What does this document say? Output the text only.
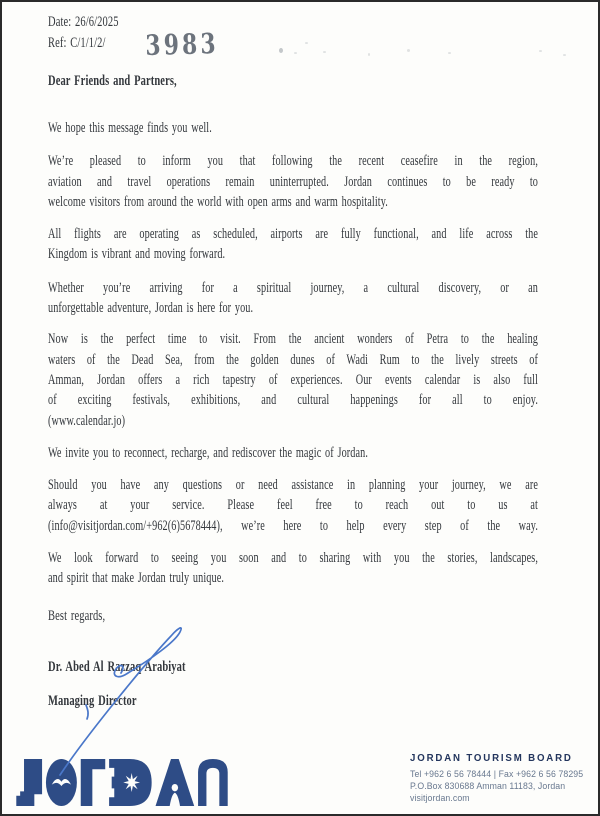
Date: 26/6/2025
Ref: C/1/1/2/
Dear Friends and Partners,
We hope this message finds you well.
We’re pleased to inform you that following the recent ceasefire in the region,
aviation and travel operations remain uninterrupted. Jordan continues to be ready to
welcome visitors from around the world with open arms and warm hospitality.
All flights are operating as scheduled, airports are fully functional, and life across the
Kingdom is vibrant and moving forward.
Whether you’re arriving for a spiritual journey, a cultural discovery, or an
unforgettable adventure, Jordan is here for you.
Now is the perfect time to visit. From the ancient wonders of Petra to the healing
waters of the Dead Sea, from the golden dunes of Wadi Rum to the lively streets of
Amman, Jordan offers a rich tapestry of experiences. Our events calendar is also full
of exciting festivals, exhibitions, and cultural happenings for all to enjoy.
(www.calendar.jo)
We invite you to reconnect, recharge, and rediscover the magic of Jordan.
Should you have any questions or need assistance in planning your journey, we are
always at your service. Please feel free to reach out to us at
(info@visitjordan.com/+962(6)5678444), we’re here to help every step of the way.
We look forward to seeing you soon and to sharing with you the stories, landscapes,
and spirit that make Jordan truly unique.
Best regards,
Dr. Abed Al Razzaq Arabiyat
Managing Director
3983
JORDAN TOURISM BOARD
Tel +962 6 56 78444 | Fax +962 6 56 78295
P.O.Box 830688 Amman 11183, Jordan
visitjordan.com
